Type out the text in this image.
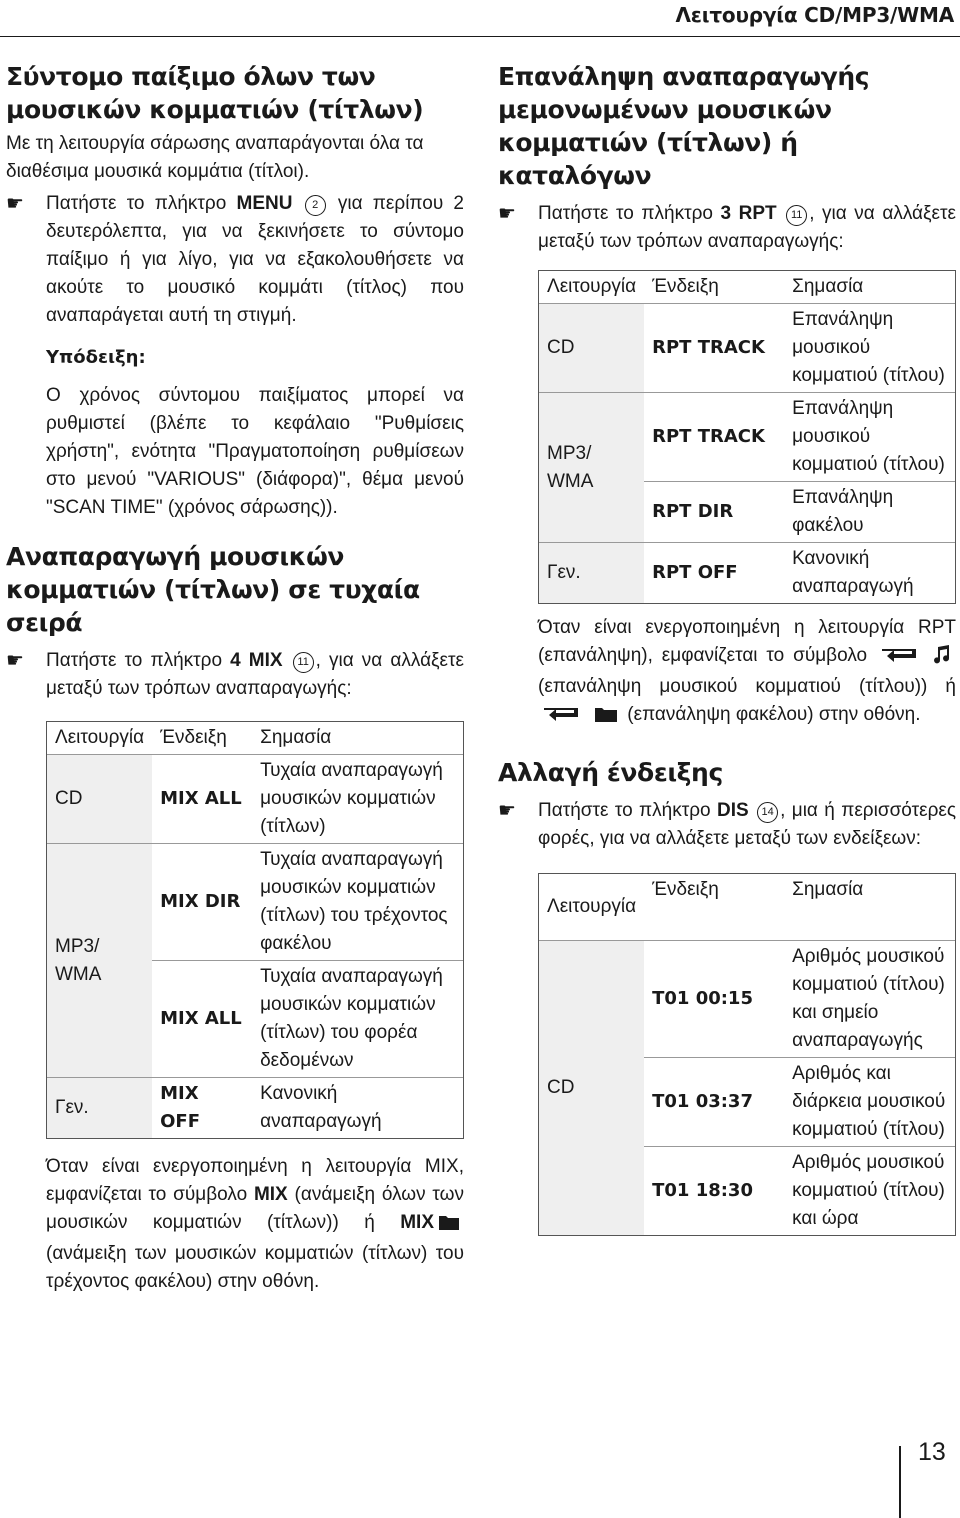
Λειτουργία CD/MP3/WMA
Σύντομο παίξιμο όλων των μουσικών κομματιών (τίτλων)

Με τη λειτουργία σάρωσης αναπαράγονται όλα τα διαθέσιμα μουσικά κομμάτια (τίτλοι).

☛	Πατήστε το πλήκτρο MENU 2 για περίπου 2 δευτερόλεπτα, για να ξεκινήσετε το σύντομο παίξιμο ή για λίγο, για να εξακολουθήσετε να ακούτε το μουσικό κομμάτι (τίτλος) που αναπαράγεται αυτή τη στιγμή.
Υπόδειξη:

Ο χρόνος σύντομου παιξίματος μπορεί να ρυθμιστεί (βλέπε το κεφάλαιο "Ρυθμίσεις χρήστη", ενότητα "Πραγματοποίηση ρυθμίσεων στο μενού "VARIOUS" (διάφορα)", θέμα μενού "SCAN TIME" (χρόνος σάρωσης)).

Αναπαραγωγή μουσικών κομματιών (τίτλων) σε τυχαία σειρά
☛	Πατήστε το πλήκτρο 4 MIX 11 , για να αλλάξετε μεταξύ των τρόπων αναπαραγωγής:
Λειτουργία	Ένδειξη	Σημασία
CD	MIX ALL	Τυχαία αναπαραγωγή μουσικών κομματιών (τίτλων)
MP3/ WMA	MIX DIR	Τυχαία αναπαραγωγή μουσικών κομματιών (τίτλων) του τρέχοντος φακέλου
	MIX ALL	Τυχαία αναπαραγωγή μουσικών κομματιών (τίτλων) του φορέα δεδομένων
Γεν.	MIX OFF	Κανονική αναπαραγωγή

Όταν είναι ενεργοποιημένη η λειτουργία MIX, εμφανίζεται το σύμβολο MIX (ανάμειξη όλων των μουσικών κομματιών (τίτλων)) ή MIX (ανάμειξη των μουσικών κομματιών (τίτλων) του τρέχοντος φακέλου) στην οθόνη.

Επανάληψη αναπαραγωγής μεμονωμένων μουσικών κομματιών (τίτλων) ή καταλόγων
☛	Πατήστε το πλήκτρο 3 RPT 11 , για να αλλάξετε μεταξύ των τρόπων αναπαραγωγής:
Λειτουργία	Ένδειξη	Σημασία
CD	RPT TRACK	Επανάληψη μουσικού κομματιού (τίτλου)
MP3/ WMA	RPT TRACK	Επανάληψη μουσικού κομματιού (τίτλου)
	RPT DIR	Επανάληψη φακέλου
Γεν.	RPT OFF	Κανονική αναπαραγωγή

Όταν είναι ενεργοποιημένη η λειτουργία RPT (επανάληψη), εμφανίζεται το σύμβολο  (επανάληψη μουσικού κομματιού (τίτλου)) ή  (επανάληψη φακέλου) στην οθόνη.

Αλλαγή ένδειξης
☛	Πατήστε το πλήκτρο DIS 14 , μια ή περισσότερες φορές, για να αλλάξετε μεταξύ των ενδείξεων:
Λειτουργία	Ένδειξη	Σημασία
CD	T01 00:15	Αριθμός μουσικού κομματιού (τίτλου) και σημείο αναπαραγωγής
	T01 03:37	Αριθμός και διάρκεια μουσικού κομματιού (τίτλου)
	T01 18:30	Αριθμός μουσικού κομματιού (τίτλου) και ώρα
13
